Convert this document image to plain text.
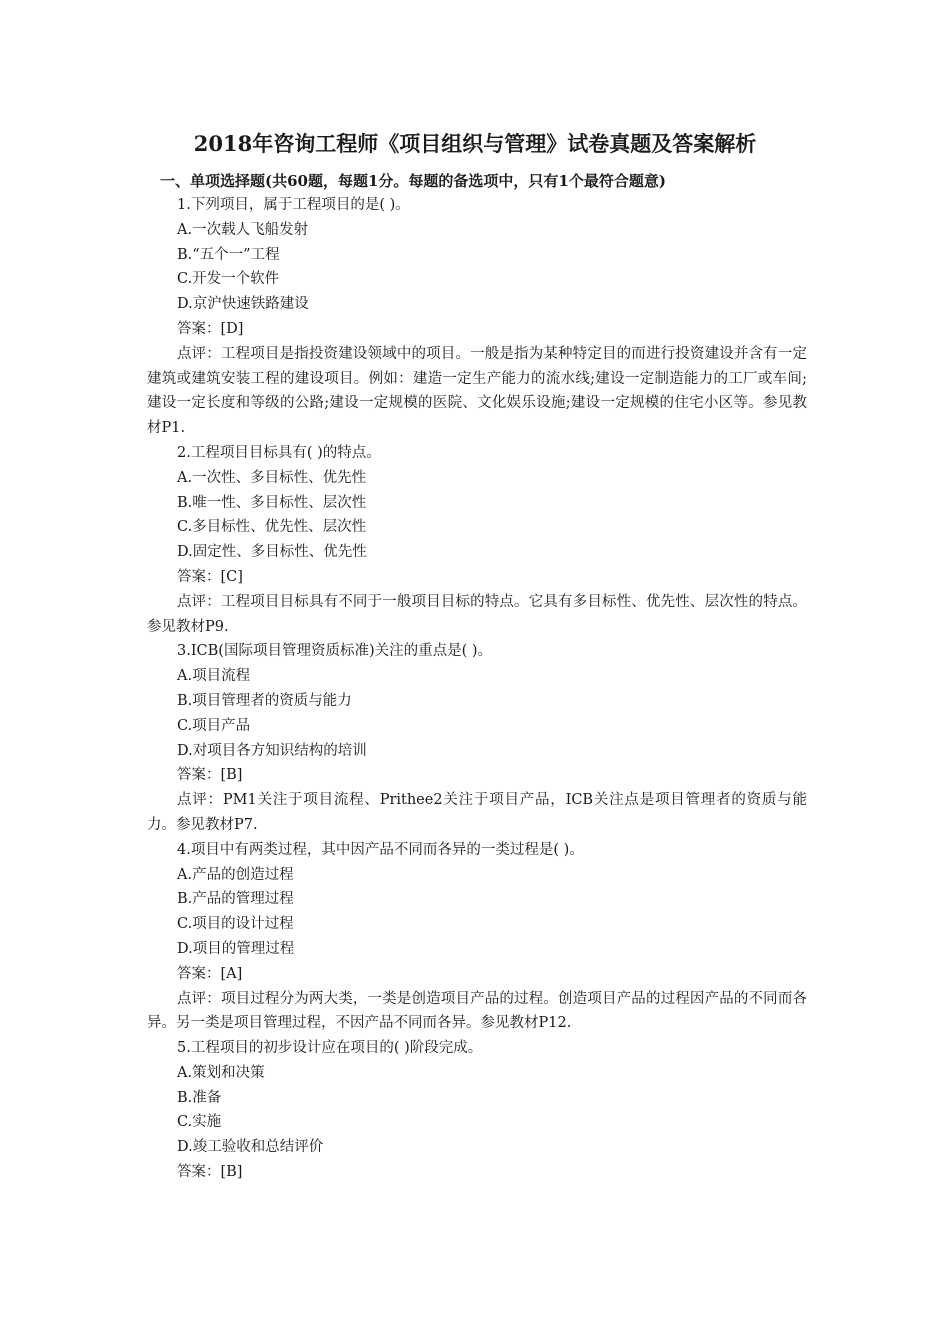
2018年咨询工程师《项目组织与管理》试卷真题及答案解析
一、单项选择题(共60题，每题1分。每题的备选项中，只有1个最符合题意)
1.下列项目，属于工程项目的是( )。
A.一次载人飞船发射
B.“五个一”工程
C.开发一个软件
D.京沪快速铁路建设
答案：[D]
点评：工程项目是指投资建设领域中的项目。一般是指为某种特定目的而进行投资建设并含有一定建筑或建筑安装工程的建设项目。例如：建造一定生产能力的流水线;建设一定制造能力的工厂或车间;建设一定长度和等级的公路;建设一定规模的医院、文化娱乐设施;建设一定规模的住宅小区等。参见教材P1.
2.工程项目目标具有( )的特点。
A.一次性、多目标性、优先性
B.唯一性、多目标性、层次性
C.多目标性、优先性、层次性
D.固定性、多目标性、优先性
答案：[C]
点评：工程项目目标具有不同于一般项目目标的特点。它具有多目标性、优先性、层次性的特点。参见教材P9.
3.ICB(国际项目管理资质标准)关注的重点是( )。
A.项目流程
B.项目管理者的资质与能力
C.项目产品
D.对项目各方知识结构的培训
答案：[B]
点评：PM1关注于项目流程、Prithee2关注于项目产品，ICB关注点是项目管理者的资质与能力。参见教材P7.
4.项目中有两类过程，其中因产品不同而各异的一类过程是( )。
A.产品的创造过程
B.产品的管理过程
C.项目的设计过程
D.项目的管理过程
答案：[A]
点评：项目过程分为两大类，一类是创造项目产品的过程。创造项目产品的过程因产品的不同而各异。另一类是项目管理过程，不因产品不同而各异。参见教材P12.
5.工程项目的初步设计应在项目的( )阶段完成。
A.策划和决策
B.准备
C.实施
D.竣工验收和总结评价
答案：[B]
